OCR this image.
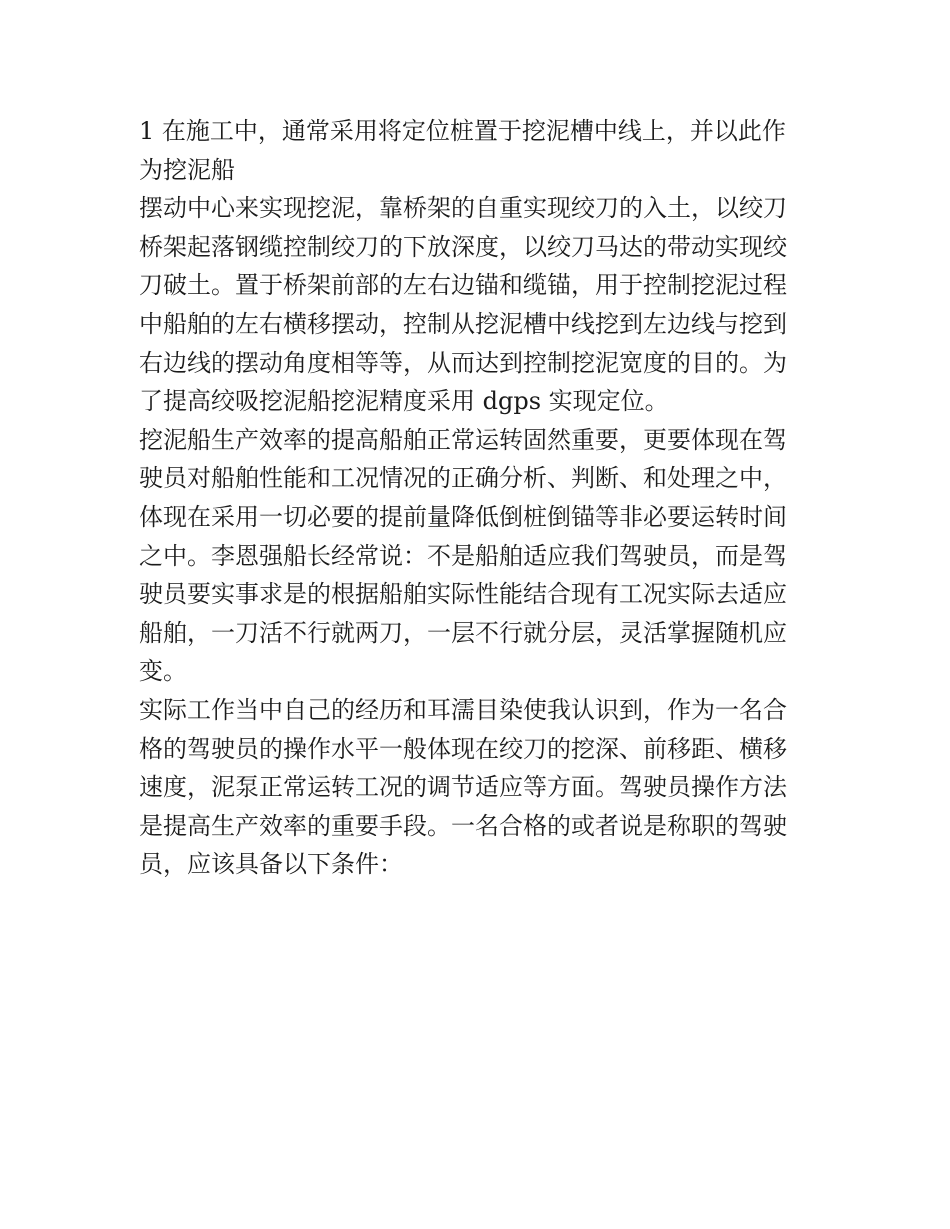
1 在施工中，通常采用将定位桩置于挖泥槽中线上，并以此作
为挖泥船
摆动中心来实现挖泥，靠桥架的自重实现绞刀的入土，以绞刀
桥架起落钢缆控制绞刀的下放深度，以绞刀马达的带动实现绞
刀破土。置于桥架前部的左右边锚和缆锚，用于控制挖泥过程
中船舶的左右横移摆动，控制从挖泥槽中线挖到左边线与挖到
右边线的摆动角度相等等，从而达到控制挖泥宽度的目的。为
了提高绞吸挖泥船挖泥精度采用 dgps 实现定位。
挖泥船生产效率的提高船舶正常运转固然重要，更要体现在驾
驶员对船舶性能和工况情况的正确分析、判断、和处理之中，
体现在采用一切必要的提前量降低倒桩倒锚等非必要运转时间
之中。李恩强船长经常说：不是船舶适应我们驾驶员，而是驾
驶员要实事求是的根据船舶实际性能结合现有工况实际去适应
船舶，一刀活不行就两刀，一层不行就分层，灵活掌握随机应
变。
实际工作当中自己的经历和耳濡目染使我认识到，作为一名合
格的驾驶员的操作水平一般体现在绞刀的挖深、前移距、横移
速度，泥泵正常运转工况的调节适应等方面。驾驶员操作方法
是提高生产效率的重要手段。一名合格的或者说是称职的驾驶
员，应该具备以下条件：
